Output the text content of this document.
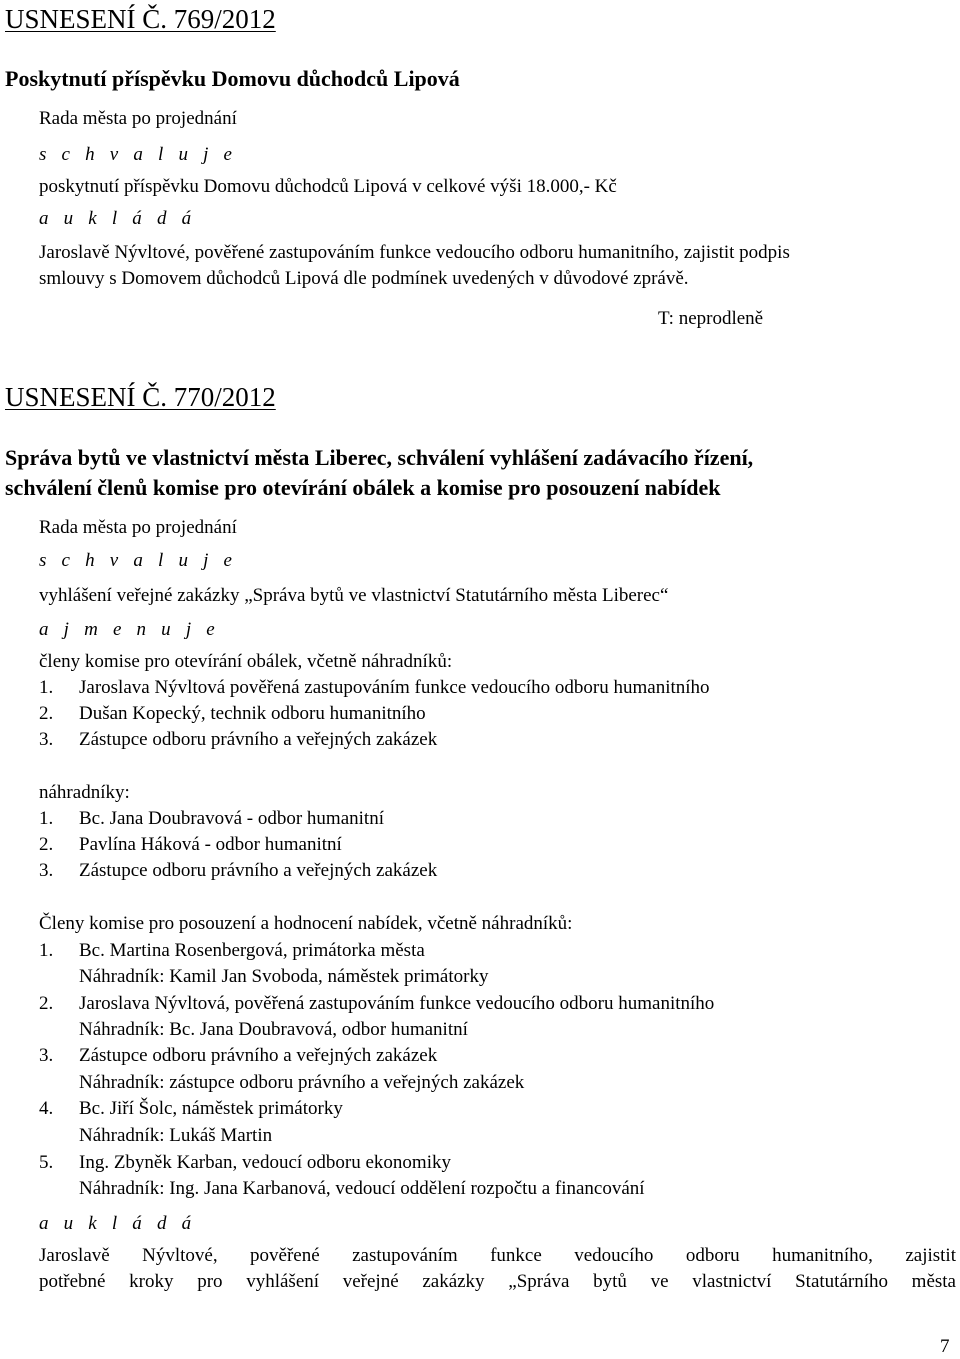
USNESENÍ Č. 769/2012
Poskytnutí příspěvku Domovu důchodců Lipová
Rada města po projednání
s c h v a l u j e
poskytnutí příspěvku Domovu důchodců Lipová v celkové výši 18.000,- Kč
a u k l á d á
Jaroslavě Nývltové, pověřené zastupováním funkce vedoucího odboru humanitního, zajistit podpis
smlouvy s Domovem důchodců Lipová dle podmínek uvedených v důvodové zprávě.
T: neprodleně
USNESENÍ Č. 770/2012
Správa bytů ve vlastnictví města Liberec, schválení vyhlášení zadávacího řízení,
schválení členů komise pro otevírání obálek a komise pro posouzení nabídek
Rada města po projednání
s c h v a l u j e
vyhlášení veřejné zakázky „Správa bytů ve vlastnictví Statutárního města Liberec“
a j m e n u j e
členy komise pro otevírání obálek, včetně náhradníků:
1. Jaroslava Nývltová pověřená zastupováním funkce vedoucího odboru humanitního
2. Dušan Kopecký, technik odboru humanitního
3. Zástupce odboru právního a veřejných zakázek
náhradníky:
1. Bc. Jana Doubravová - odbor humanitní
2. Pavlína Háková - odbor humanitní
3. Zástupce odboru právního a veřejných zakázek
Členy komise pro posouzení a hodnocení nabídek, včetně náhradníků:
1. Bc. Martina Rosenbergová, primátorka města
Náhradník: Kamil Jan Svoboda, náměstek primátorky
2. Jaroslava Nývltová, pověřená zastupováním funkce vedoucího odboru humanitního
Náhradník: Bc. Jana Doubravová, odbor humanitní
3. Zástupce odboru právního a veřejných zakázek
Náhradník: zástupce odboru právního a veřejných zakázek
4. Bc. Jiří Šolc, náměstek primátorky
Náhradník: Lukáš Martin
5. Ing. Zbyněk Karban, vedoucí odboru ekonomiky
Náhradník: Ing. Jana Karbanová, vedoucí oddělení rozpočtu a financování
a u k l á d á
Jaroslavě Nývltové, pověřené zastupováním funkce vedoucího odboru humanitního, zajistit
potřebné kroky pro vyhlášení veřejné zakázky „Správa bytů ve vlastnictví Statutárního města
7
